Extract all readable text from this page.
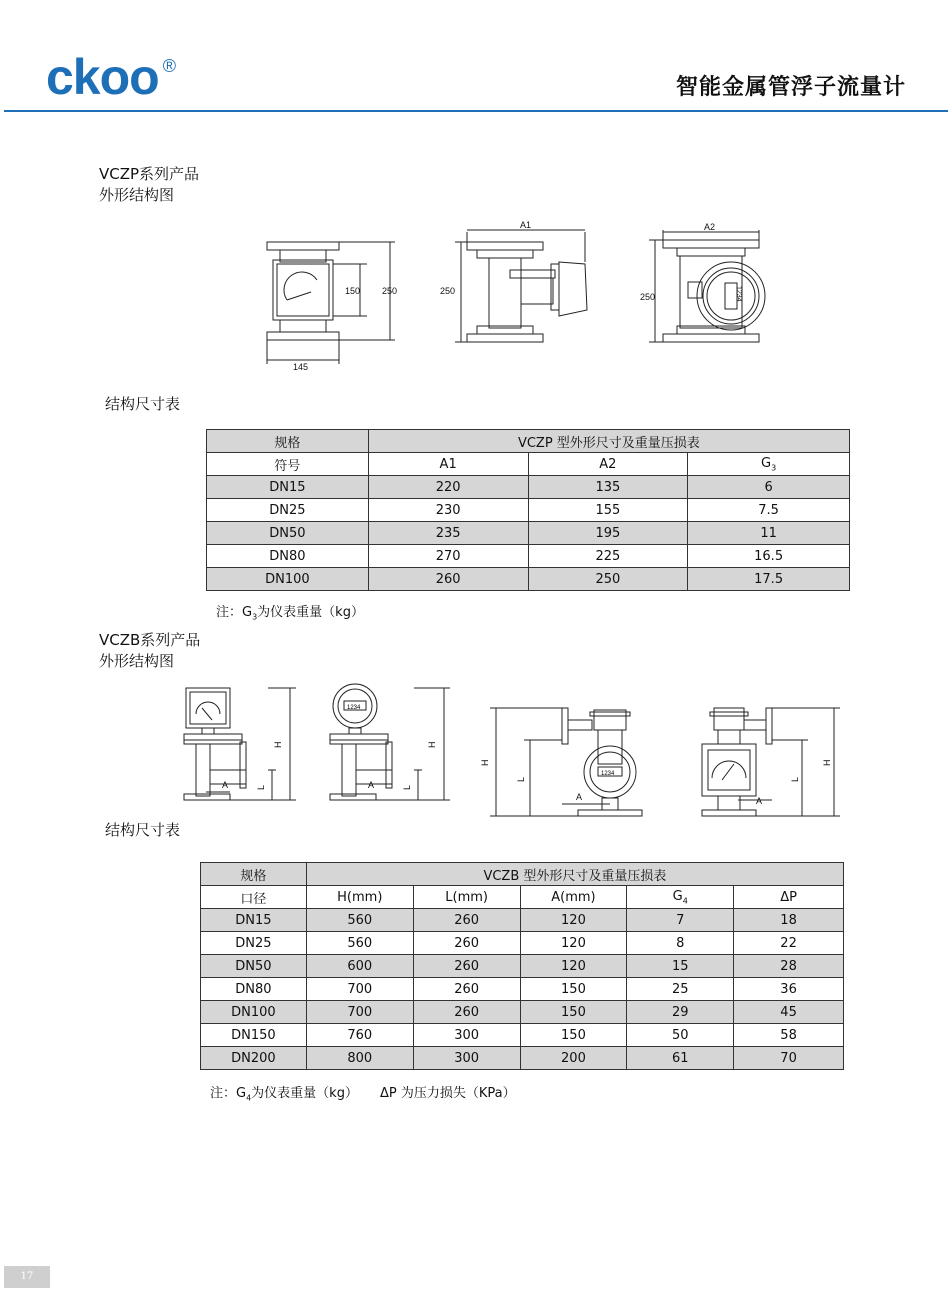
ckoo ®
智能金属管浮子流量计
VCZP系列产品
外形结构图
150 250
145
250
A1
250
A2
1234
结构尺寸表
规格	VCZP 型外形尺寸及重量压损表		
符号	A1	A2	$G_3$
DN15	220	135	6
DN25	230	155	7.5
DN50	235	195	11
DN80	270	225	16.5
DN100	260	250	17.5
注：$G_3$为仪表重量（kg）
VCZB系列产品
外形结构图
H
L
A
H
L
A
1234
H
L
A
1234
H
L
A
结构尺寸表
规格	VCZB 型外形尺寸及重量压损表				
口径	H(mm)	L(mm)	A(mm)	$G_4$	ΔP
DN15	560	260	120	7	18
DN25	560	260	120	8	22
DN50	600	260	120	15	28
DN80	700	260	150	25	36
DN100	700	260	150	29	45
DN150	760	300	150	50	58
DN200	800	300	200	61	70
注：$G_4$为仪表重量（kg） ΔP 为压力损失（KPa）
17
